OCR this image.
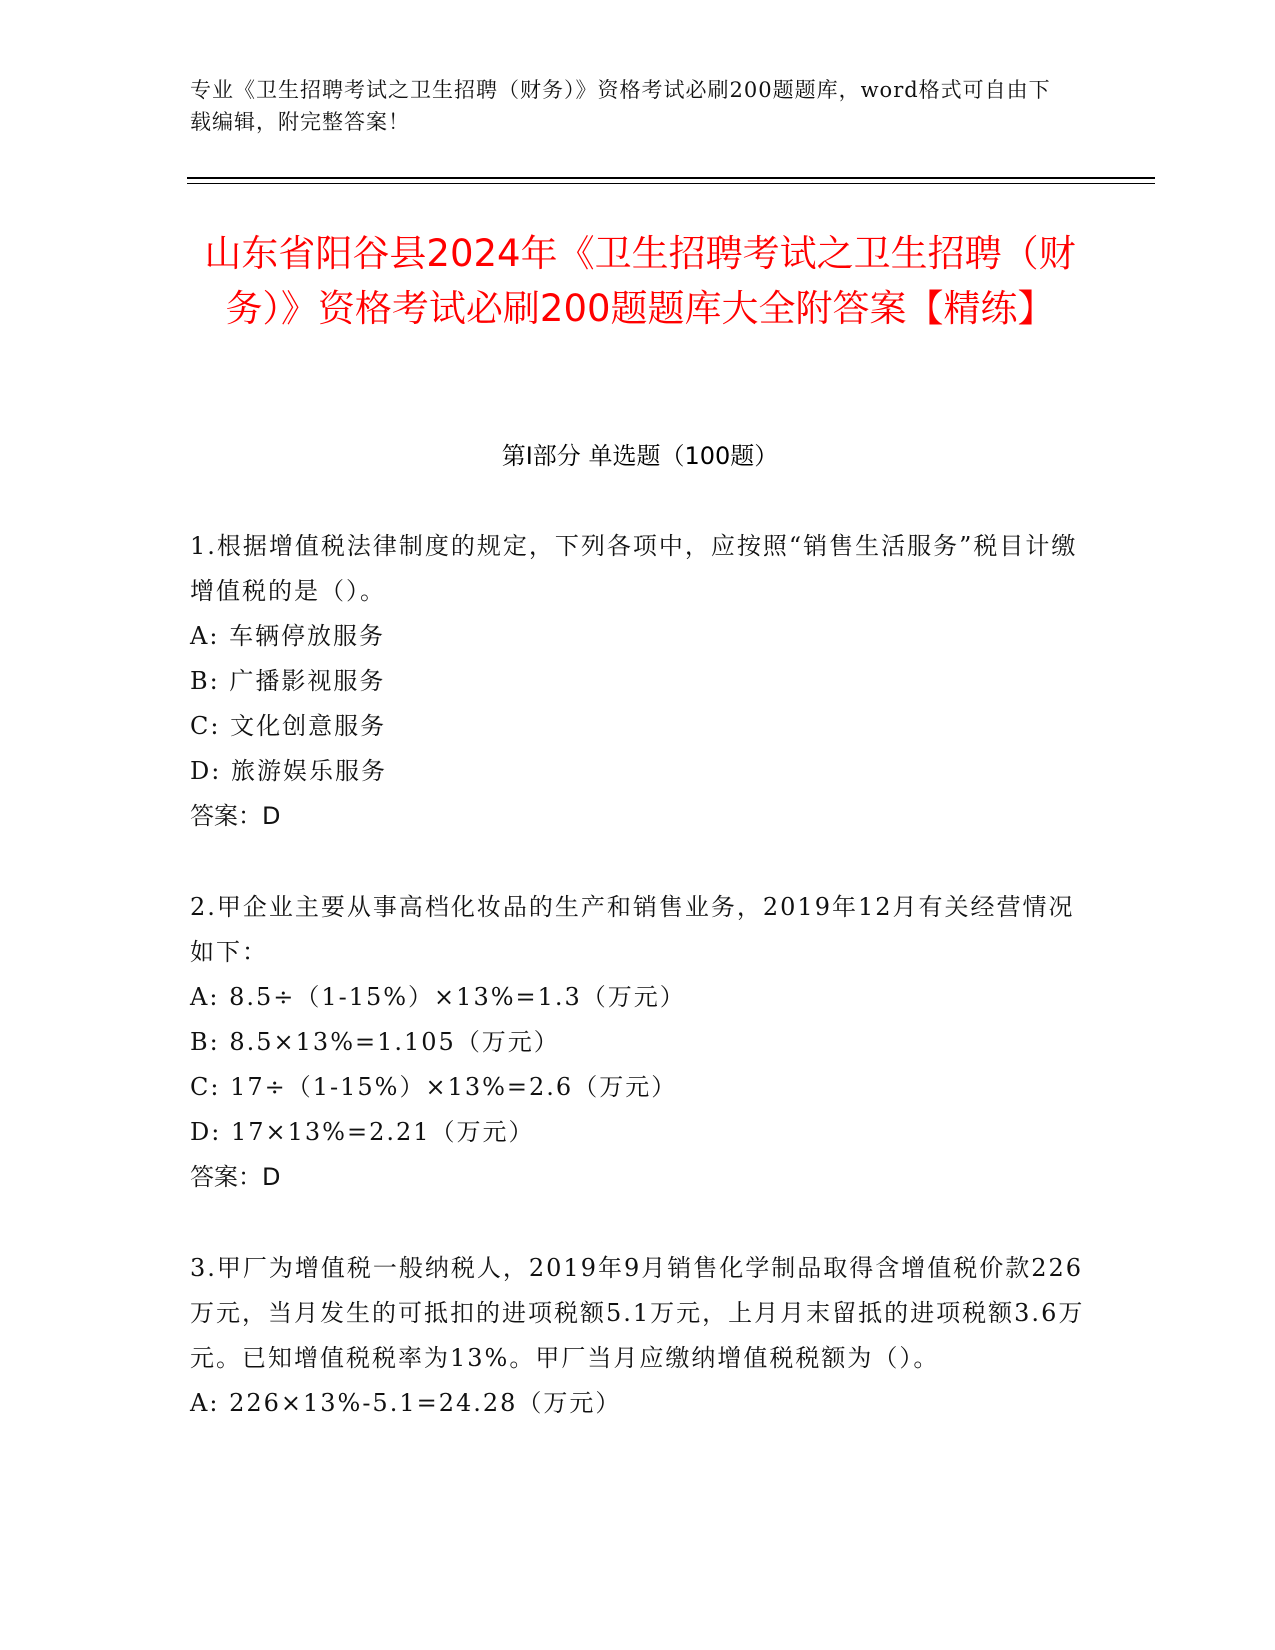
专业《卫生招聘考试之卫生招聘（财务）》资格考试必刷200题题库，word格式可自由下载编辑，附完整答案！
山东省阳谷县2024年《卫生招聘考试之卫生招聘（财务）》资格考试必刷200题题库大全附答案【精练】
第I部分 单选题（100题）
1.根据增值税法律制度的规定，下列各项中，应按照“销售生活服务”税目计缴增值税的是（）。
A: 车辆停放服务
B: 广播影视服务
C: 文化创意服务
D: 旅游娱乐服务
答案：D
2.甲企业主要从事高档化妆品的生产和销售业务，2019年12月有关经营情况如下：
A: 8.5÷（1-15%）×13%=1.3（万元）
B: 8.5×13%=1.105（万元）
C: 17÷（1-15%）×13%=2.6（万元）
D: 17×13%=2.21（万元）
答案：D
3.甲厂为增值税一般纳税人，2019年9月销售化学制品取得含增值税价款226万元，当月发生的可抵扣的进项税额5.1万元，上月月末留抵的进项税额3.6万元。已知增值税税率为13%。甲厂当月应缴纳增值税税额为（）。
A: 226×13%-5.1=24.28（万元）
